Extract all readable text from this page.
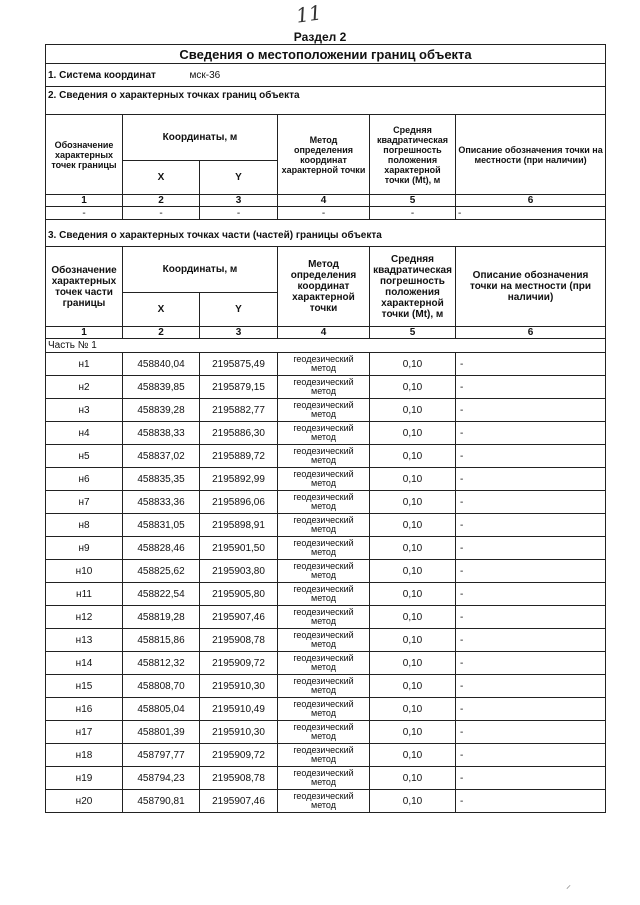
11
Раздел 2
Сведения о местоположении границ объекта					
1. Система координат мск-36					
2. Сведения о характерных точках границ объекта					
Обозначение характерных точек границы	Координаты, м		Метод определения координат характерной точки	Средняя квадратическая погрешность положения характерной точки (Mt), м	Описание обозначения точки на местности (при наличии)
	X	Y			
1	2	3	4	5	6
-	-	-	-	-	-

3. Сведения о характерных точках части (частей) границы объекта					
Обозначение характерных точек части границы	Координаты, м		Метод определения координат характерной точки	Средняя квадратическая погрешность положения характерной точки (Mt), м	Описание обозначения точки на местности (при наличии)
	X	Y			
1	2	3	4	5	6
Часть № 1					
н1	458840,04	2195875,49	геодезический метод	0,10	-
н2	458839,85	2195879,15	геодезический метод	0,10	-
н3	458839,28	2195882,77	геодезический метод	0,10	-
н4	458838,33	2195886,30	геодезический метод	0,10	-
н5	458837,02	2195889,72	геодезический метод	0,10	-
н6	458835,35	2195892,99	геодезический метод	0,10	-
н7	458833,36	2195896,06	геодезический метод	0,10	-
н8	458831,05	2195898,91	геодезический метод	0,10	-
н9	458828,46	2195901,50	геодезический метод	0,10	-
н10	458825,62	2195903,80	геодезический метод	0,10	-
н11	458822,54	2195905,80	геодезический метод	0,10	-
н12	458819,28	2195907,46	геодезический метод	0,10	-
н13	458815,86	2195908,78	геодезический метод	0,10	-
н14	458812,32	2195909,72	геодезический метод	0,10	-
н15	458808,70	2195910,30	геодезический метод	0,10	-
н16	458805,04	2195910,49	геодезический метод	0,10	-
н17	458801,39	2195910,30	геодезический метод	0,10	-
н18	458797,77	2195909,72	геодезический метод	0,10	-
н19	458794,23	2195908,78	геодезический метод	0,10	-
н20	458790,81	2195907,46	геодезический метод	0,10	-
⸝
